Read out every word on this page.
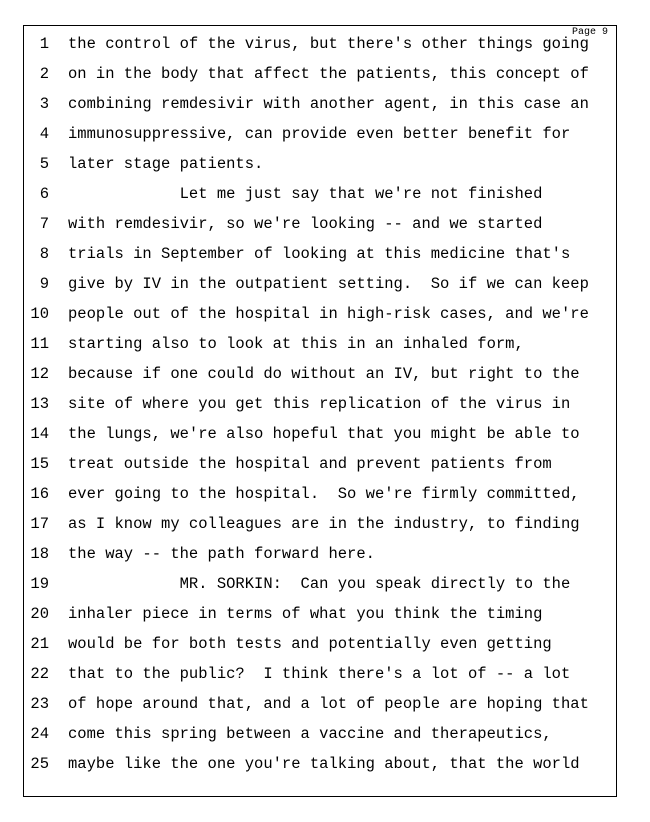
Page 9
1 the control of the virus, but there's other things going
2 on in the body that affect the patients, this concept of
3 combining remdesivir with another agent, in this case an
4 immunosuppressive, can provide even better benefit for
5 later stage patients.
6 Let me just say that we're not finished
7 with remdesivir, so we're looking -- and we started
8 trials in September of looking at this medicine that's
9 give by IV in the outpatient setting.  So if we can keep
10 people out of the hospital in high-risk cases, and we're
11 starting also to look at this in an inhaled form,
12 because if one could do without an IV, but right to the
13 site of where you get this replication of the virus in
14 the lungs, we're also hopeful that you might be able to
15 treat outside the hospital and prevent patients from
16 ever going to the hospital.  So we're firmly committed,
17 as I know my colleagues are in the industry, to finding
18 the way -- the path forward here.
19 MR. SORKIN:  Can you speak directly to the
20 inhaler piece in terms of what you think the timing
21 would be for both tests and potentially even getting
22 that to the public?  I think there's a lot of -- a lot
23 of hope around that, and a lot of people are hoping that
24 come this spring between a vaccine and therapeutics,
25 maybe like the one you're talking about, that the world
